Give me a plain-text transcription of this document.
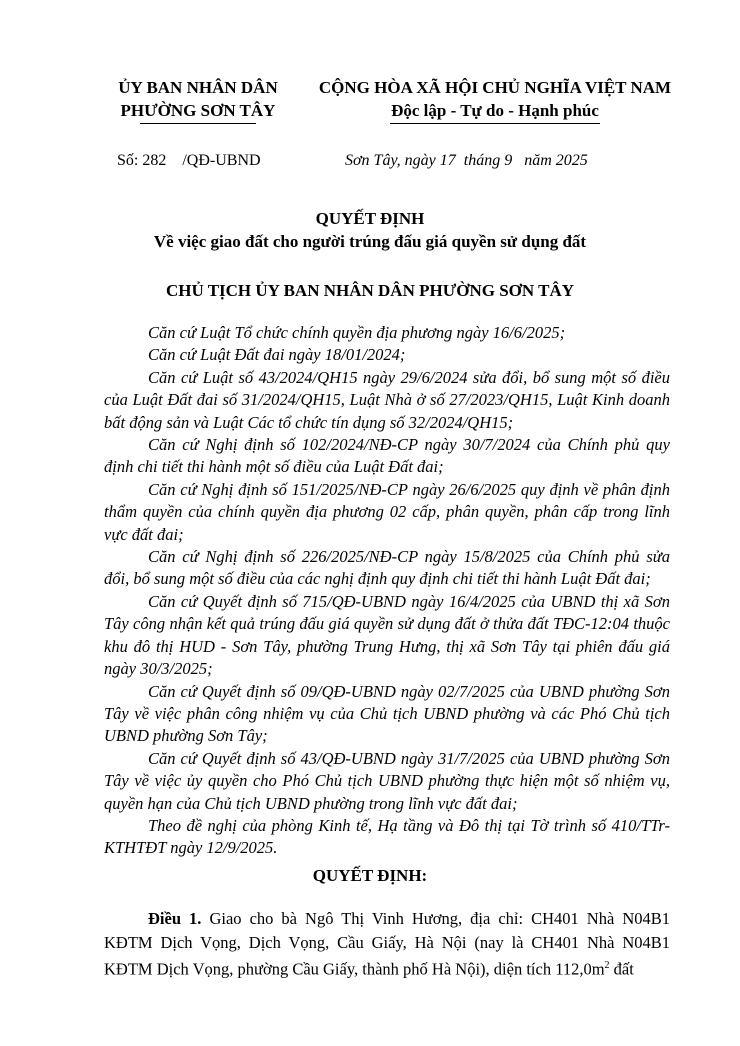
ỦY BAN NHÂN DÂN
PHƯỜNG SƠN TÂY
CỘNG HÒA XÃ HỘI CHỦ NGHĨA VIỆT NAM
Độc lập - Tự do - Hạnh phúc
Số: 282    /QĐ-UBND	Sơn Tây, ngày 17  tháng 9   năm 2025
QUYẾT ĐỊNH
Về việc giao đất cho người trúng đấu giá quyền sử dụng đất
CHỦ TỊCH ỦY BAN NHÂN DÂN PHƯỜNG SƠN TÂY

Căn cứ Luật Tổ chức chính quyền địa phương ngày 16/6/2025;

Căn cứ Luật Đất đai ngày 18/01/2024;

Căn cứ Luật số 43/2024/QH15 ngày 29/6/2024 sửa đổi, bổ sung một số điều của Luật Đất đai số 31/2024/QH15, Luật Nhà ở số 27/2023/QH15, Luật Kinh doanh bất động sản và Luật Các tổ chức tín dụng số 32/2024/QH15;

Căn cứ Nghị định số 102/2024/NĐ-CP ngày 30/7/2024 của Chính phủ quy định chi tiết thi hành một số điều của Luật Đất đai;

Căn cứ Nghị định số 151/2025/NĐ-CP ngày 26/6/2025 quy định về phân định thẩm quyền của chính quyền địa phương 02 cấp, phân quyền, phân cấp trong lĩnh vực đất đai;

Căn cứ Nghị định số 226/2025/NĐ-CP ngày 15/8/2025 của Chính phủ sửa đổi, bổ sung một số điều của các nghị định quy định chi tiết thi hành Luật Đất đai;

Căn cứ Quyết định số 715/QĐ-UBND ngày 16/4/2025 của UBND thị xã Sơn Tây công nhận kết quả trúng đấu giá quyền sử dụng đất ở thửa đất TĐC-12:04 thuộc khu đô thị HUD - Sơn Tây, phường Trung Hưng, thị xã Sơn Tây tại phiên đấu giá ngày 30/3/2025;

Căn cứ Quyết định số 09/QĐ-UBND ngày 02/7/2025 của UBND phường Sơn Tây về việc phân công nhiệm vụ của Chủ tịch UBND phường và các Phó Chủ tịch UBND phường Sơn Tây;

Căn cứ Quyết định số 43/QĐ-UBND ngày 31/7/2025 của UBND phường Sơn Tây về việc ủy quyền cho Phó Chủ tịch UBND phường thực hiện một số nhiệm vụ, quyền hạn của Chủ tịch UBND phường trong lĩnh vực đất đai;

Theo đề nghị của phòng Kinh tế, Hạ tầng và Đô thị tại Tờ trình số 410/TTr-KTHTĐT ngày 12/9/2025.

QUYẾT ĐỊNH:

Điều 1. Giao cho bà Ngô Thị Vinh Hương, địa chỉ: CH401 Nhà N04B1 KĐTM Dịch Vọng, Dịch Vọng, Cầu Giấy, Hà Nội (nay là CH401 Nhà N04B1 KĐTM Dịch Vọng, phường Cầu Giấy, thành phố Hà Nội), diện tích $112,0m^2$ đất
